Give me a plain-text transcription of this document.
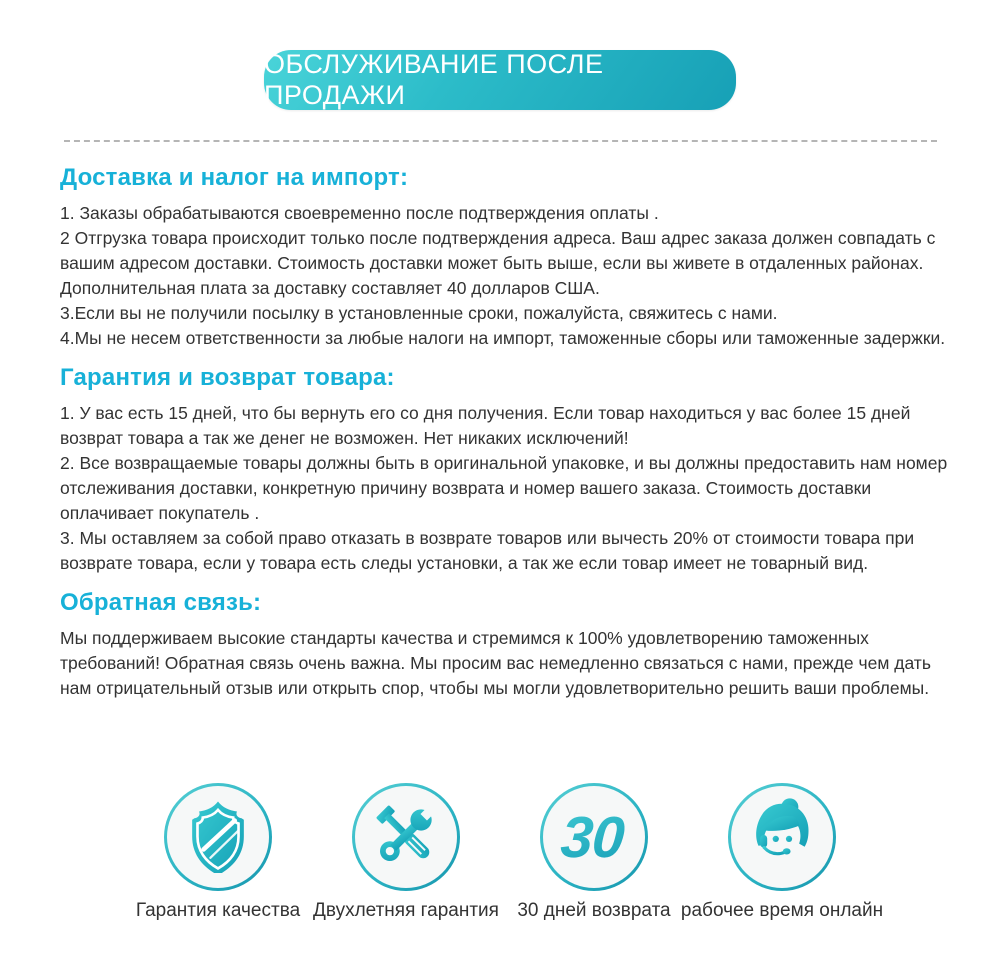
ОБСЛУЖИВАНИЕ ПОСЛЕ ПРОДАЖИ
Доставка и налог на импорт:

1. Заказы обрабатываются своевременно после подтверждения оплаты .

2 Отгрузка товара происходит только после подтверждения адреса. Ваш адрес заказа должен совпадать с вашим адресом доставки. Стоимость доставки может быть выше, если вы живете в отдаленных районах. Дополнительная плата за доставку составляет 40 долларов США.

3.Если вы не получили посылку в установленные сроки, пожалуйста, свяжитесь с нами.

4.Мы не несем ответственности за любые налоги на импорт, таможенные сборы или таможенные задержки.

Гарантия и возврат товара:

1. У вас есть 15 дней, что бы вернуть его со дня получения. Если товар находиться у вас более 15 дней возврат товара а так же денег не возможен. Нет никаких исключений!

2. Все возвращаемые товары должны быть в оригинальной упаковке, и вы должны предоставить нам номер отслеживания доставки, конкретную причину возврата и номер вашего заказа. Стоимость доставки оплачивает покупатель .

3. Мы оставляем за собой право отказать в возврате товаров или вычесть 20% от стоимости товара при возврате товара, если у товара есть следы установки, а так же если товар имеет не товарный вид.

Обратная связь:

Мы поддерживаем высокие стандарты качества и стремимся к 100% удовлетворению таможенных требований! Обратная связь очень важна. Мы просим вас немедленно связаться с нами, прежде чем дать нам отрицательный отзыв или открыть спор, чтобы мы могли удовлетворительно решить ваши проблемы.

Гарантия качества Двухлетняя гарантия
30
30 дней возврата рабочее время онлайн
